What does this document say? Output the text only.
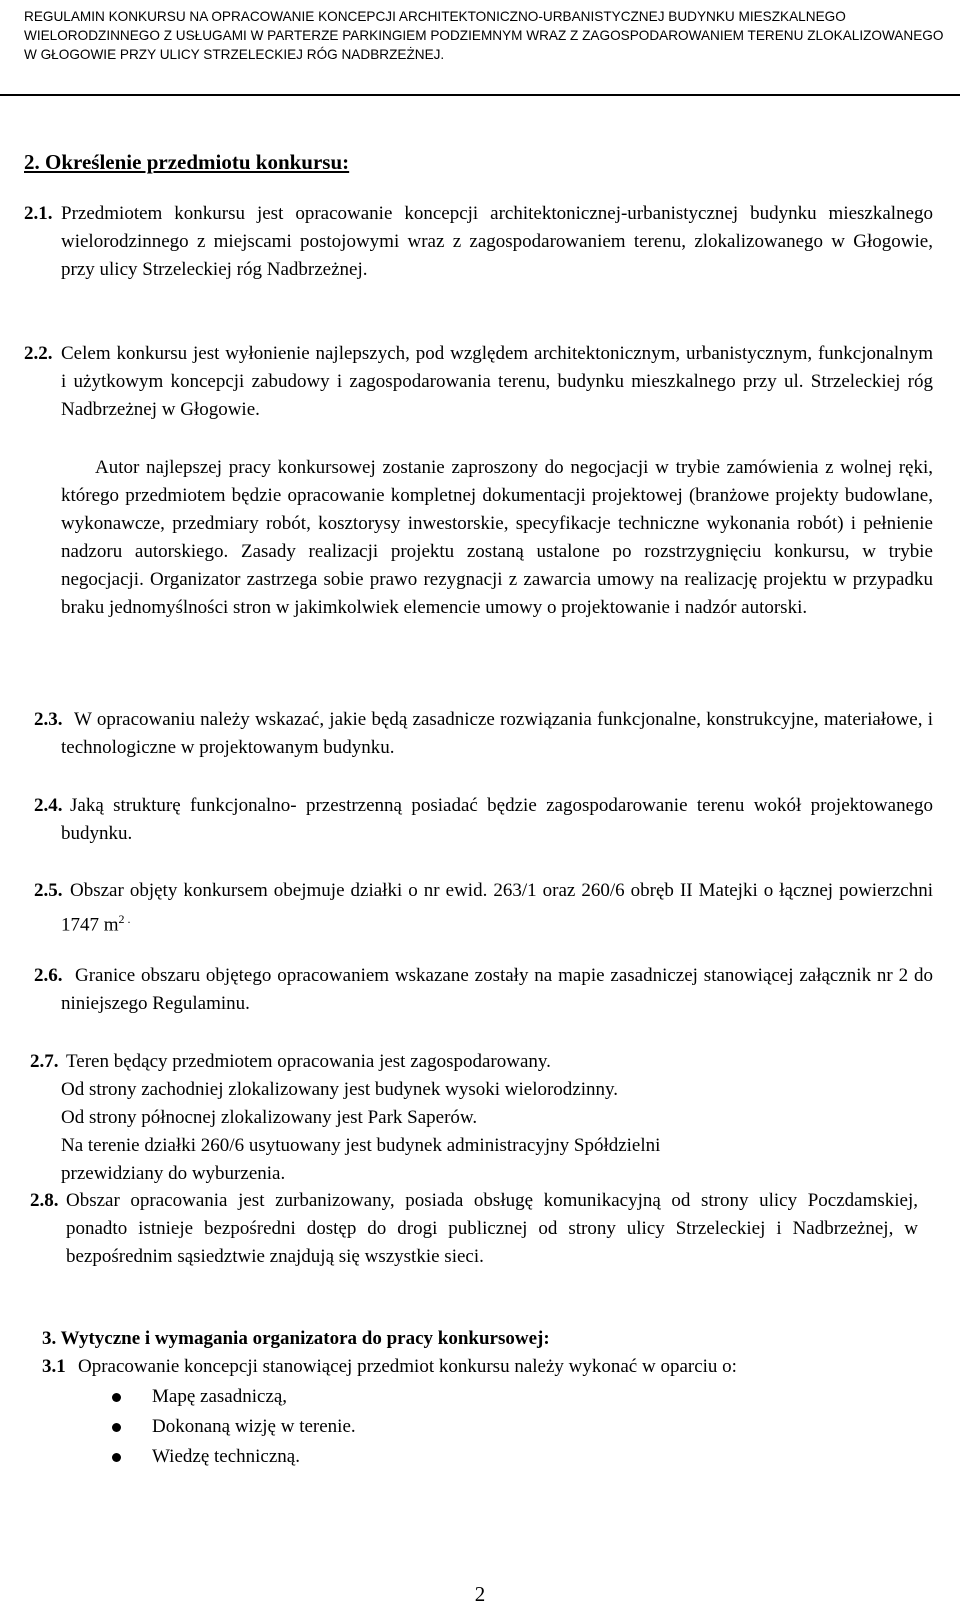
REGULAMIN KONKURSU NA OPRACOWANIE KONCEPCJI ARCHITEKTONICZNO-URBANISTYCZNEJ BUDYNKU MIESZKALNEGO WIELORODZINNEGO Z USŁUGAMI W PARTERZE PARKINGIEM PODZIEMNYM WRAZ Z ZAGOSPODAROWANIEM TERENU ZLOKALIZOWANEGO W GŁOGOWIE PRZY ULICY STRZELECKIEJ RÓG NADBRZEŻNEJ.
2. Określenie przedmiotu konkursu:
2.1. Przedmiotem konkursu jest opracowanie koncepcji architektonicznej-urbanistycznej budynku mieszkalnego wielorodzinnego z miejscami postojowymi wraz z zagospodarowaniem terenu, zlokalizowanego w Głogowie, przy ulicy Strzeleckiej róg Nadbrzeżnej.
2.2. Celem konkursu jest wyłonienie najlepszych, pod względem architektonicznym, urbanistycznym, funkcjonalnym i użytkowym koncepcji zabudowy i zagospodarowania terenu, budynku mieszkalnego przy ul. Strzeleckiej róg Nadbrzeżnej w Głogowie.
Autor najlepszej pracy konkursowej zostanie zaproszony do negocjacji w trybie zamówienia z wolnej ręki, którego przedmiotem będzie opracowanie kompletnej dokumentacji projektowej (branżowe projekty budowlane, wykonawcze, przedmiary robót, kosztorysy inwestorskie, specyfikacje techniczne wykonania robót) i pełnienie nadzoru autorskiego. Zasady realizacji projektu zostaną ustalone po rozstrzygnięciu konkursu, w trybie negocjacji. Organizator zastrzega sobie prawo rezygnacji z zawarcia umowy na realizację projektu w przypadku braku jednomyślności stron w jakimkolwiek elemencie umowy o projektowanie i nadzór autorski.
2.3. W opracowaniu należy wskazać, jakie będą zasadnicze rozwiązania funkcjonalne, konstrukcyjne, materiałowe, i technologiczne w projektowanym budynku.
2.4. Jaką strukturę funkcjonalno- przestrzenną posiadać będzie zagospodarowanie terenu wokół projektowanego budynku.
2.5. Obszar objęty konkursem obejmuje działki o nr ewid. 263/1 oraz 260/6 obręb II Matejki o łącznej powierzchni 1747 $m^{2 .}$
2.6. Granice obszaru objętego opracowaniem wskazane zostały na mapie zasadniczej stanowiącej załącznik nr 2 do niniejszego Regulaminu.
2.7. Teren będący przedmiotem opracowania jest zagospodarowany.
Od strony zachodniej zlokalizowany jest budynek wysoki wielorodzinny.
Od strony północnej zlokalizowany jest Park Saperów.
Na terenie działki 260/6 usytuowany jest budynek administracyjny Spółdzielni
przewidziany do wyburzenia.
2.8. Obszar opracowania jest zurbanizowany, posiada obsługę komunikacyjną od strony ulicy Poczdamskiej, ponadto istnieje bezpośredni dostęp do drogi publicznej od strony ulicy Strzeleckiej i Nadbrzeżnej, w bezpośrednim sąsiedztwie znajdują się wszystkie sieci.
3. Wytyczne i wymagania organizatora do pracy konkursowej:
3.1 Opracowanie koncepcji stanowiącej przedmiot konkursu należy wykonać w oparciu o:
Mapę zasadniczą,
Dokonaną wizję w terenie.
Wiedzę techniczną.
2
